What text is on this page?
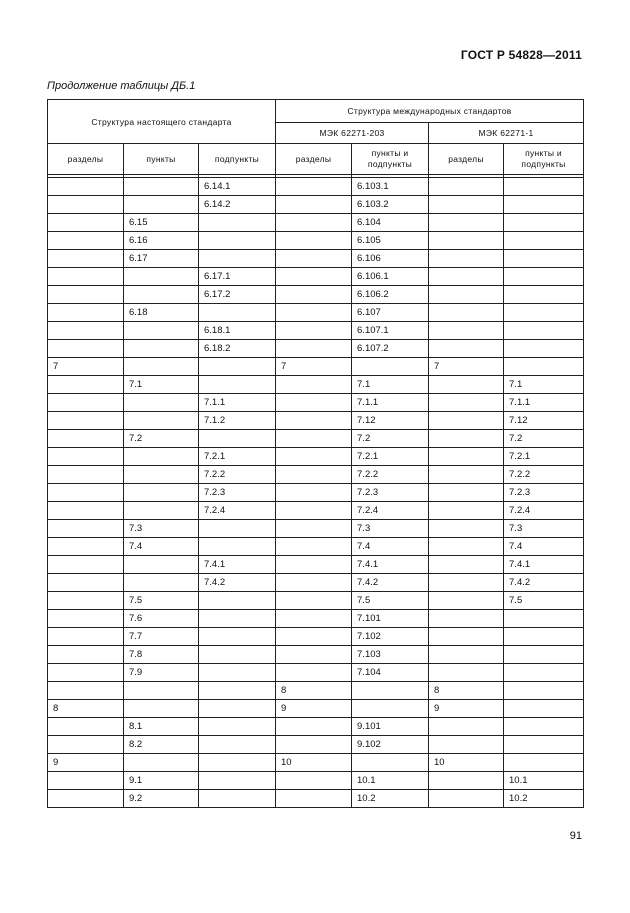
ГОСТ Р 54828—2011
Продолжение таблицы ДБ.1
Структура настоящего стандарта			Структура международных стандартов			
			МЭК 62271-203		МЭК 62271-1	
разделы	пункты	подпункты	разделы	пункты и подпункты	разделы	пункты и подпункты

		6.14.1		6.103.1		
		6.14.2		6.103.2		
	6.15			6.104		
	6.16			6.105		
	6.17			6.106		
		6.17.1		6.106.1		
		6.17.2		6.106.2		
	6.18			6.107		
		6.18.1		6.107.1		
		6.18.2		6.107.2		
7			7		7	
	7.1			7.1		7.1
		7.1.1		7.1.1		7.1.1
		7.1.2		7.12		7.12
	7.2			7.2		7.2
		7.2.1		7.2.1		7.2.1
		7.2.2		7.2.2		7.2.2
		7.2.3		7.2.3		7.2.3
		7.2.4		7.2.4		7.2.4
	7.3			7.3		7.3
	7.4			7.4		7.4
		7.4.1		7.4.1		7.4.1
		7.4.2		7.4.2		7.4.2
	7.5			7.5		7.5
	7.6			7.101		
	7.7			7.102		
	7.8			7.103		
	7.9			7.104		
			8		8	
8			9		9	
	8.1			9.101		
	8.2			9.102		
9			10		10	
	9.1			10.1		10.1
	9.2			10.2		10.2
91
